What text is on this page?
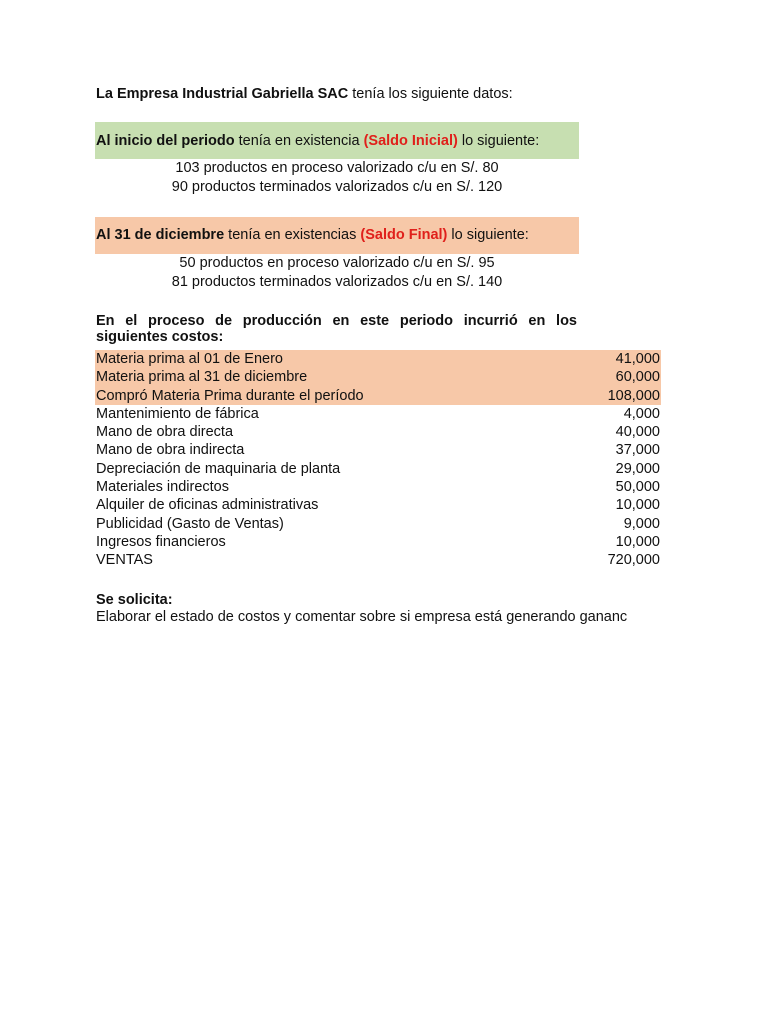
La Empresa Industrial Gabriella SAC tenía los siguiente datos:
Al inicio del periodo tenía en existencia (Saldo Inicial) lo siguiente:
103 productos en proceso valorizado c/u en S/. 80
90 productos terminados valorizados c/u en S/. 120
Al 31 de diciembre tenía en existencias (Saldo Final) lo siguiente:
50 productos en proceso valorizado c/u en S/. 95
81 productos terminados valorizados c/u en S/. 140
En el proceso de producción en este periodo incurrió en los
siguientes costos:
Materia prima al 01 de Enero	41,000
Materia prima al 31 de diciembre	60,000
Compró Materia Prima durante el período	108,000
Mantenimiento de fábrica	4,000
Mano de obra directa	40,000
Mano de obra indirecta	37,000
Depreciación de maquinaria de planta	29,000
Materiales indirectos	50,000
Alquiler de oficinas administrativas	10,000
Publicidad (Gasto de Ventas)	9,000
Ingresos financieros	10,000
VENTAS	720,000
Se solicita:
Elaborar el estado de costos y comentar sobre si empresa está generando gananc
